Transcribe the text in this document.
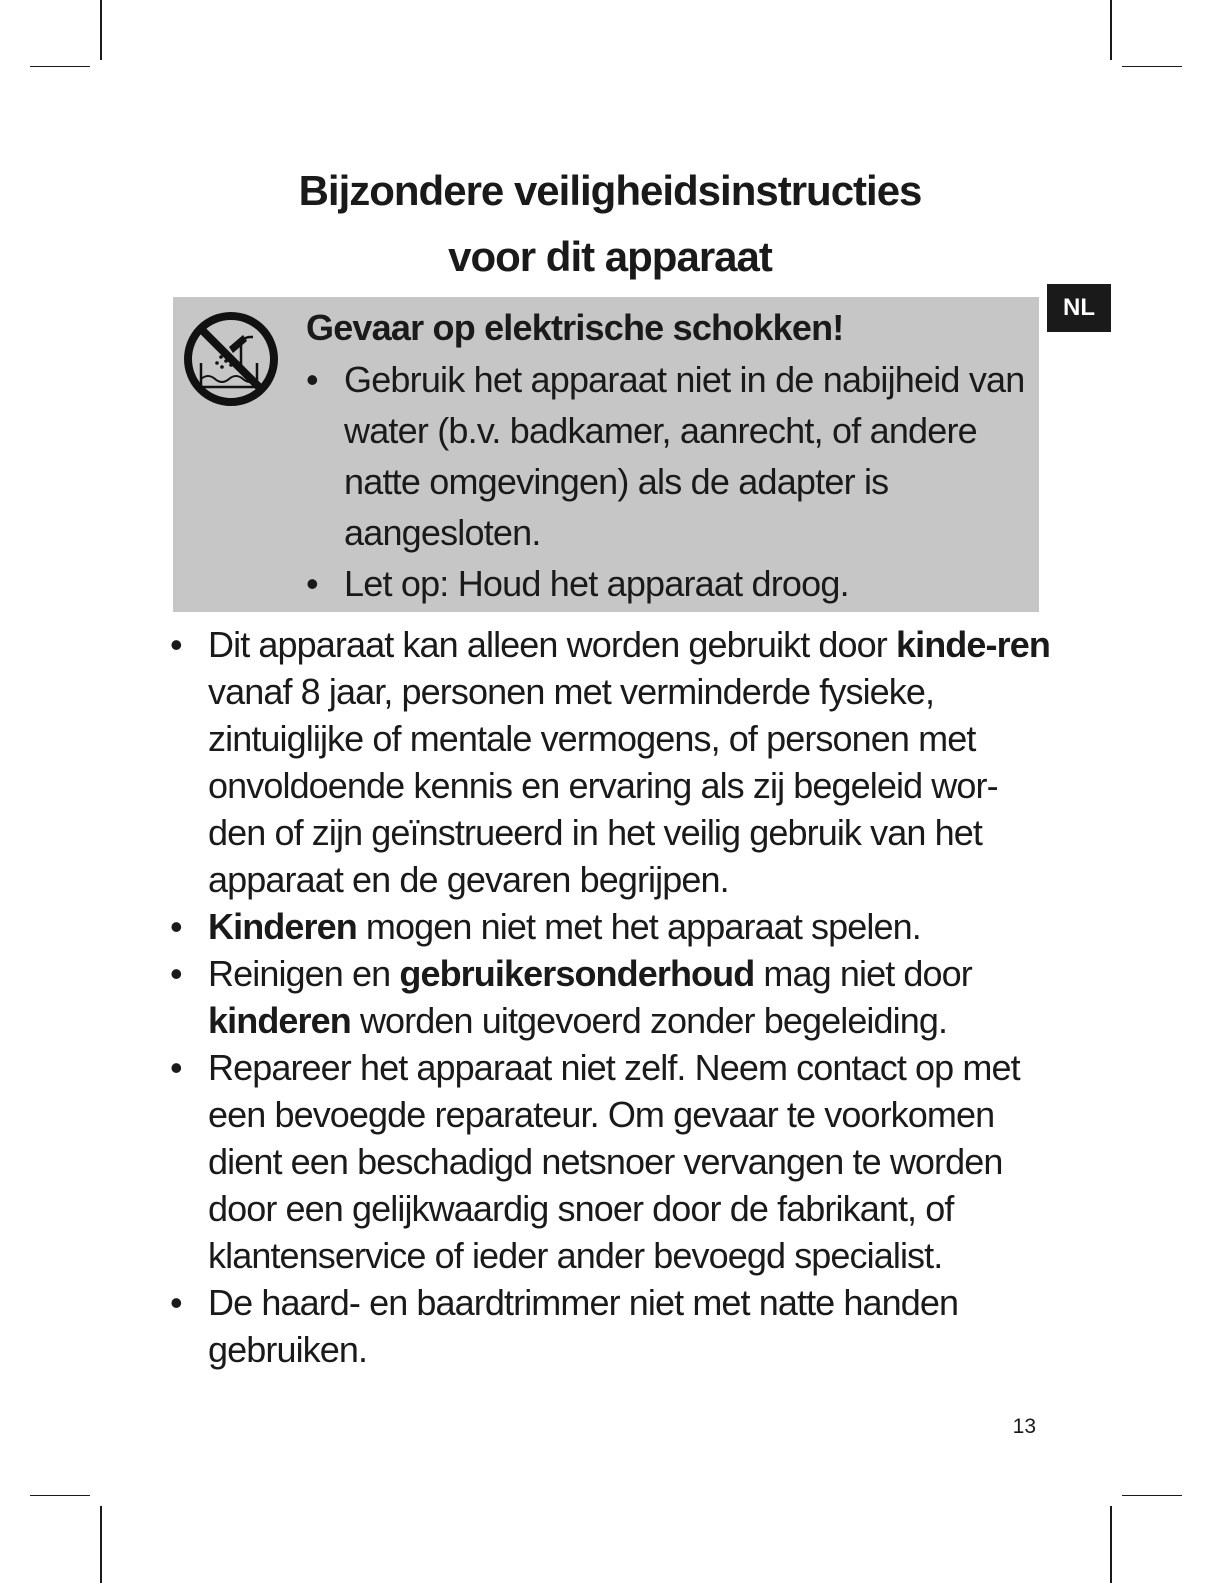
Bijzondere veiligheidsinstructies
voor dit apparaat
NL
Gevaar op elektrische schokken!
• Gebruik het apparaat niet in de nabijheid van water (b.v. badkamer, aanrecht, of andere natte omgevingen) als de adapter is aangesloten.
• Let op: Houd het apparaat droog.
• Dit apparaat kan alleen worden gebruikt door kinde-ren vanaf 8 jaar, personen met verminderde fysieke, zintuiglijke of mentale vermogens, of personen met onvoldoende kennis en ervaring als zij begeleid wor-den of zijn geïnstrueerd in het veilig gebruik van het apparaat en de gevaren begrijpen.
• Kinderen mogen niet met het apparaat spelen.
• Reinigen en gebruikersonderhoud mag niet door kinderen worden uitgevoerd zonder begeleiding.
• Repareer het apparaat niet zelf. Neem contact op met een bevoegde reparateur. Om gevaar te voorkomen dient een beschadigd netsnoer vervangen te worden door een gelijkwaardig snoer door de fabrikant, of klantenservice of ieder ander bevoegd specialist.
• De haard- en baardtrimmer niet met natte handen gebruiken.
13
